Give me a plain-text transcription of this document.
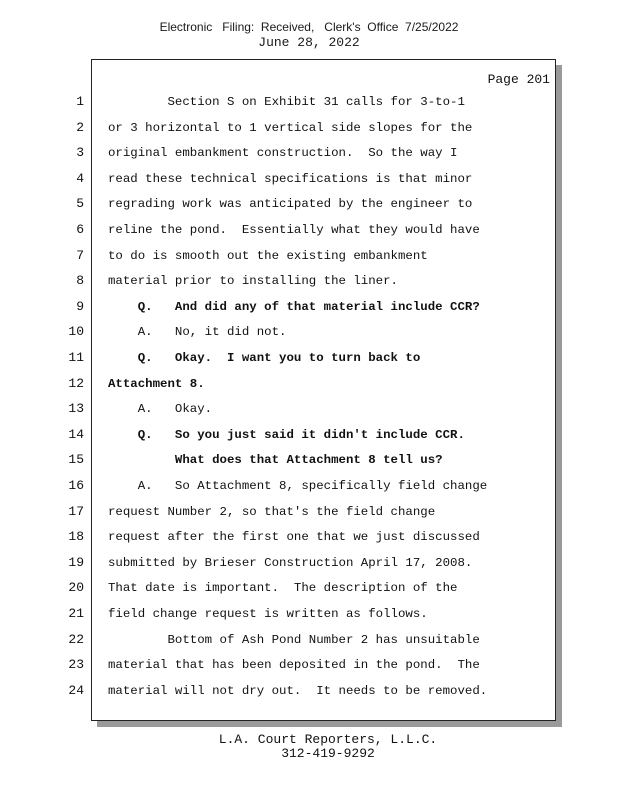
Electronic   Filing:  Received,   Clerk's  Office  7/25/2022
June 28, 2022
Page 201
1 Section S on Exhibit 31 calls for 3-to-1
2 or 3 horizontal to 1 vertical side slopes for the
3 original embankment construction.  So the way I
4 read these technical specifications is that minor
5 regrading work was anticipated by the engineer to
6 reline the pond.  Essentially what they would have
7 to do is smooth out the existing embankment
8 material prior to installing the liner.
9 Q.   And did any of that material include CCR?
10 A.   No, it did not.
11 Q.   Okay.  I want you to turn back to
12 Attachment 8.
13 A.   Okay.
14 Q.   So you just said it didn't include CCR.
15 What does that Attachment 8 tell us?
16 A.   So Attachment 8, specifically field change
17 request Number 2, so that's the field change
18 request after the first one that we just discussed
19 submitted by Brieser Construction April 17, 2008.
20 That date is important.  The description of the
21 field change request is written as follows.
22 Bottom of Ash Pond Number 2 has unsuitable
23 material that has been deposited in the pond.  The
24 material will not dry out.  It needs to be removed.
L.A. Court Reporters, L.L.C.
312-419-9292
